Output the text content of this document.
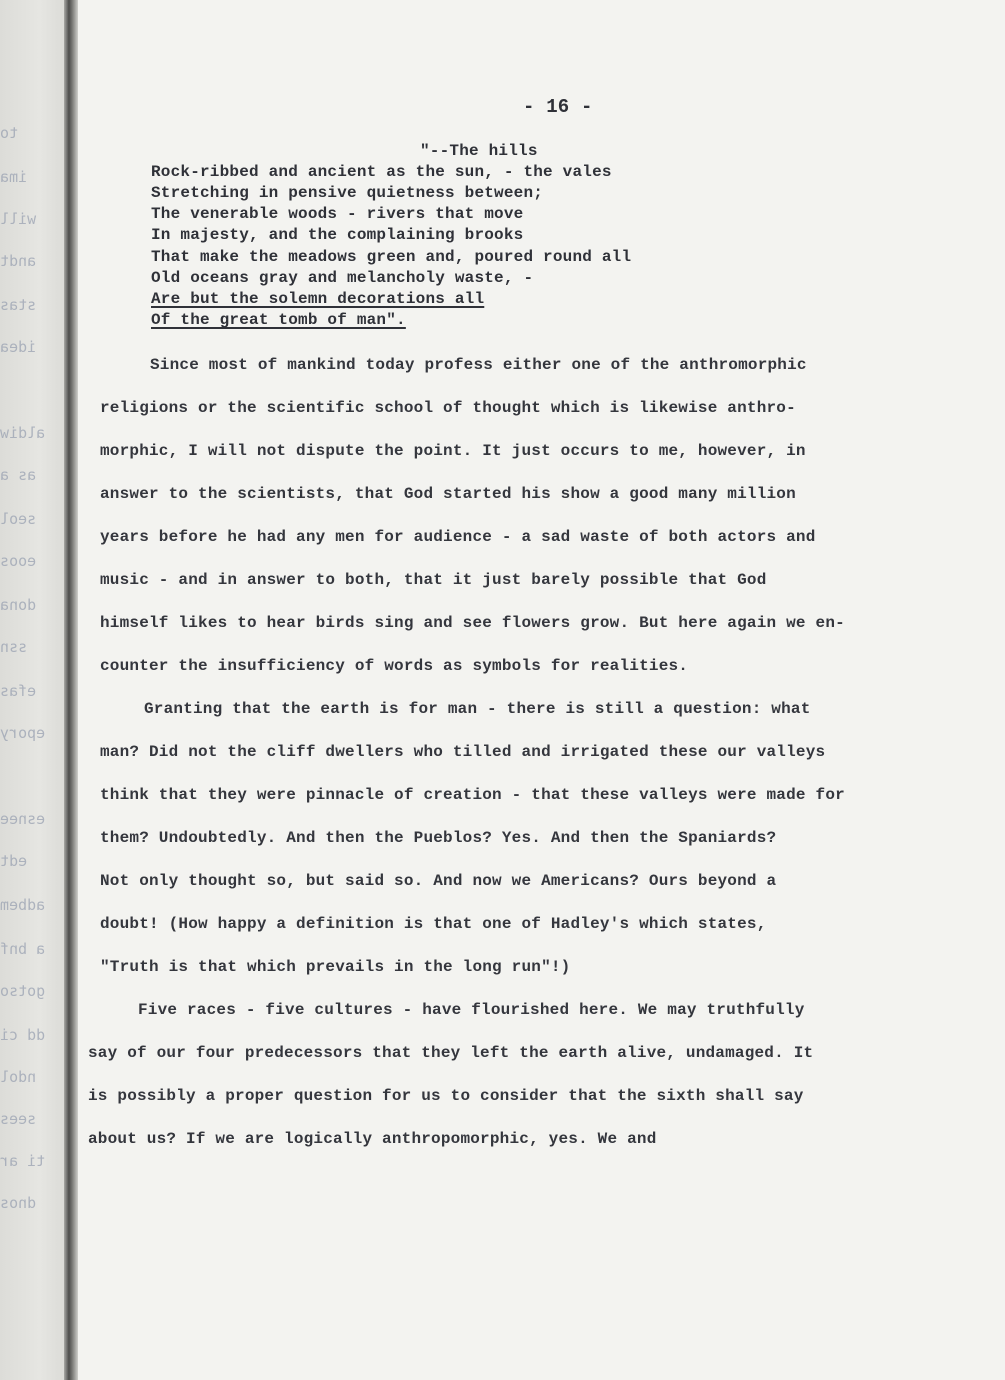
to
ima
will
andt
stas
idea
aldiw
as a
seol
eoos
dona
ssn
efas
epory
esnee
edt
adbem
a bnf
gotso
dd ci
ndol
sees
ti ar
dnos
- 16 -
"--The hills
Rock-ribbed and ancient as the sun, - the vales
Stretching in pensive quietness between;
The venerable woods - rivers that move
In majesty, and the complaining brooks
That make the meadows green and, poured round all
Old oceans gray and melancholy waste, -
Are but the solemn decorations all
Of the great tomb of man".
Since most of mankind today profess either one of the anthromorphic
religions or the scientific school of thought which is likewise anthro-
morphic, I will not dispute the point. It just occurs to me, however, in
answer to the scientists, that God started his show a good many million
years before he had any men for audience - a sad waste of both actors and
music - and in answer to both, that it just barely possible that God
himself likes to hear birds sing and see flowers grow. But here again we en-
counter the insufficiency of words as symbols for realities.
Granting that the earth is for man - there is still a question: what
man? Did not the cliff dwellers who tilled and irrigated these our valleys
think that they were pinnacle of creation - that these valleys were made for
them? Undoubtedly. And then the Pueblos? Yes. And then the Spaniards?
Not only thought so, but said so. And now we Americans? Ours beyond a
doubt! (How happy a definition is that one of Hadley's which states,
"Truth is that which prevails in the long run"!)
Five races - five cultures - have flourished here. We may truthfully
say of our four predecessors that they left the earth alive, undamaged. It
is possibly a proper question for us to consider that the sixth shall say
about us? If we are logically anthropomorphic, yes. We and
